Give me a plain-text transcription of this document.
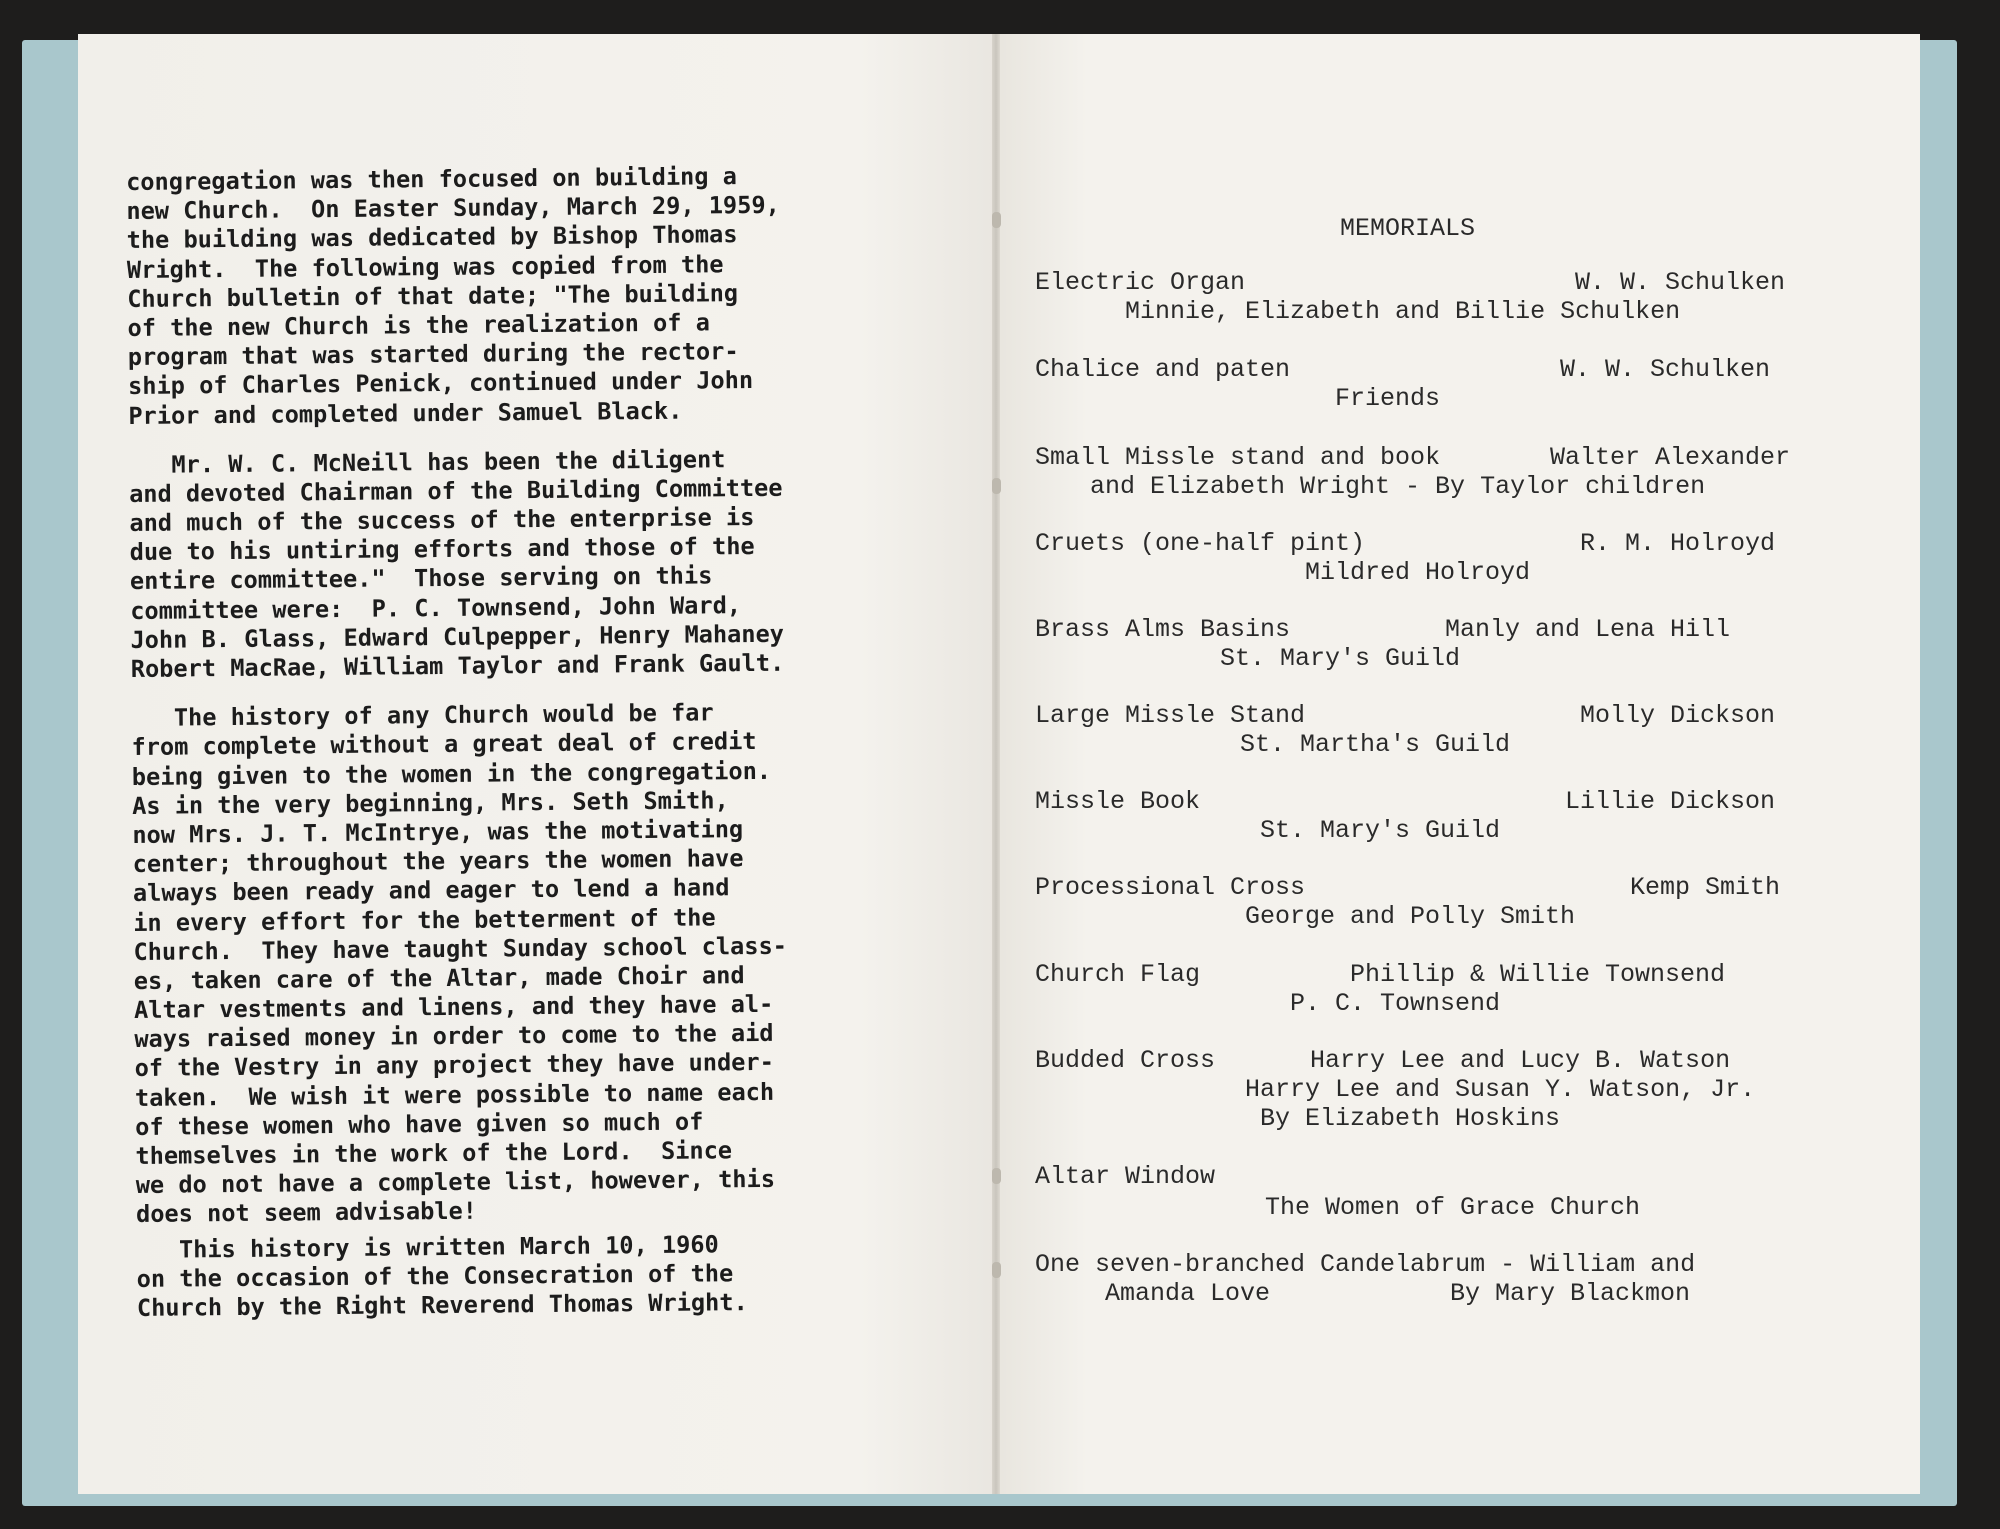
congregation was then focused on building a
new Church.  On Easter Sunday, March 29, 1959,
the building was dedicated by Bishop Thomas
Wright.  The following was copied from the
Church bulletin of that date; "The building
of the new Church is the realization of a
program that was started during the rector-
ship of Charles Penick, continued under John
Prior and completed under Samuel Black.
Mr. W. C. McNeill has been the diligent
and devoted Chairman of the Building Committee
and much of the success of the enterprise is
due to his untiring efforts and those of the
entire committee."  Those serving on this
committee were:  P. C. Townsend, John Ward,
John B. Glass, Edward Culpepper, Henry Mahaney
Robert MacRae, William Taylor and Frank Gault.
The history of any Church would be far
from complete without a great deal of credit
being given to the women in the congregation.
As in the very beginning, Mrs. Seth Smith,
now Mrs. J. T. McIntrye, was the motivating
center; throughout the years the women have
always been ready and eager to lend a hand
in every effort for the betterment of the
Church.  They have taught Sunday school class-
es, taken care of the Altar, made Choir and
Altar vestments and linens, and they have al-
ways raised money in order to come to the aid
of the Vestry in any project they have under-
taken.  We wish it were possible to name each
of these women who have given so much of
themselves in the work of the Lord.  Since
we do not have a complete list, however, this
does not seem advisable!
This history is written March 10, 1960
on the occasion of the Consecration of the
Church by the Right Reverend Thomas Wright.
MEMORIALS
Electric Organ	W. W. Schulken
Minnie, Elizabeth and Billie Schulken
Chalice and paten	W. W. Schulken
Friends
Small Missle stand and book	Walter Alexander
and Elizabeth Wright - By Taylor children
Cruets (one-half pint)	R. M. Holroyd
Mildred Holroyd
Brass Alms Basins	Manly and Lena Hill
St. Mary's Guild
Large Missle Stand	Molly Dickson
St. Martha's Guild
Missle Book	Lillie Dickson
St. Mary's Guild
Processional Cross	Kemp Smith
George and Polly Smith
Church Flag	Phillip & Willie Townsend
P. C. Townsend
Budded Cross	Harry Lee and Lucy B. Watson
Harry Lee and Susan Y. Watson, Jr.
By Elizabeth Hoskins
Altar Window
The Women of Grace Church
One seven-branched Candelabrum - William and
Amanda Love	By Mary Blackmon
